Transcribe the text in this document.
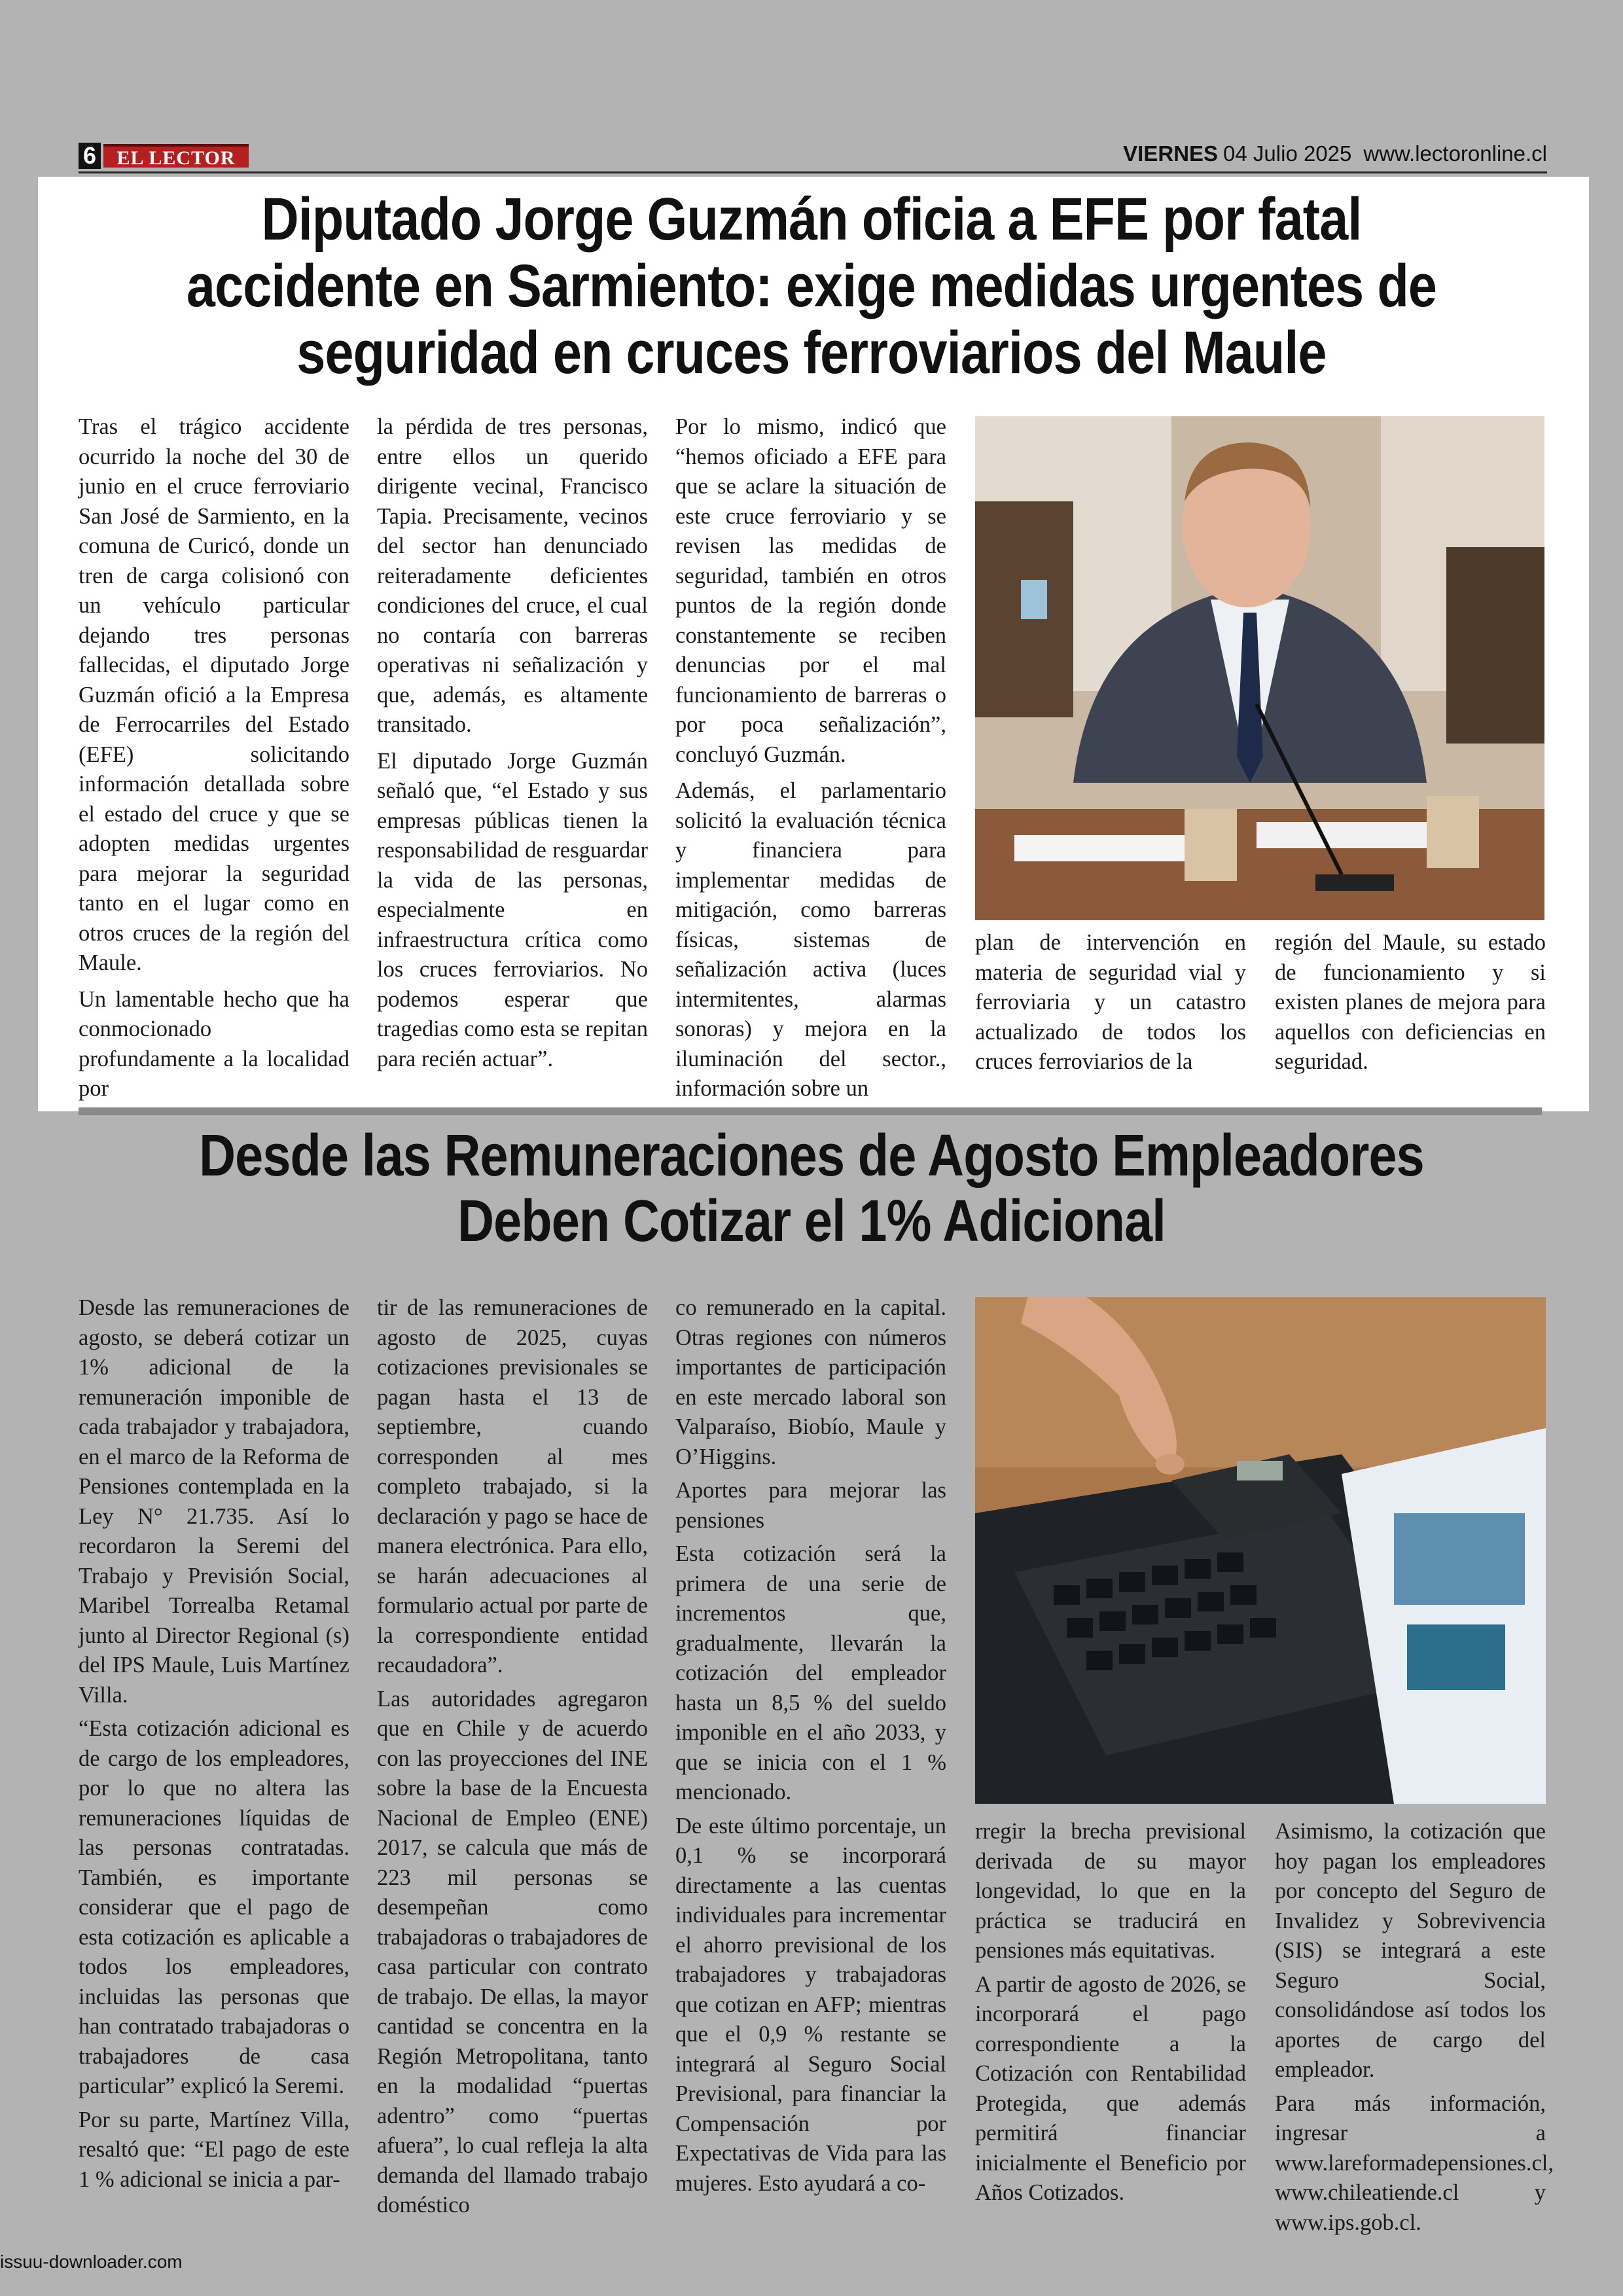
6	EL LECTOR	VIERNES 04 Julio 2025 www.lectoronline.cl
Diputado Jorge Guzmán oficia a EFE por fatal accidente en Sarmiento: exige medidas urgentes de seguridad en cruces ferroviarios del Maule

Tras el trágico accidente ocurrido la noche del 30 de junio en el cruce ferroviario San José de Sarmiento, en la comuna de Curicó, donde un tren de carga colisionó con un vehículo particular dejando tres personas fallecidas, el diputado Jorge Guzmán ofició a la Empresa de Ferrocarriles del Estado (EFE) solicitando información detallada sobre el estado del cruce y que se adopten medidas urgentes para mejorar la seguridad tanto en el lugar como en otros cruces de la región del Maule.

Un lamentable hecho que ha conmocionado profundamente a la localidad por

la pérdida de tres personas, entre ellos un querido dirigente vecinal, Francisco Tapia. Precisamente, vecinos del sector han denunciado reiteradamente deficientes condiciones del cruce, el cual no contaría con barreras operativas ni señalización y que, además, es altamente transitado.

El diputado Jorge Guzmán señaló que, “el Estado y sus empresas públicas tienen la responsabilidad de resguardar la vida de las personas, especialmente en infraestructura crítica como los cruces ferroviarios. No podemos esperar que tragedias como esta se repitan para recién actuar”.

Por lo mismo, indicó que “hemos oficiado a EFE para que se aclare la situación de este cruce ferroviario y se revisen las medidas de seguridad, también en otros puntos de la región donde constantemente se reciben denuncias por el mal funcionamiento de barreras o por poca señalización”, concluyó Guzmán.

Además, el parlamentario solicitó la evaluación técnica y financiera para implementar medidas de mitigación, como barreras físicas, sistemas de señalización activa (luces intermitentes, alarmas sonoras) y mejora en la iluminación del sector., información sobre un

plan de intervención en materia de seguridad vial y ferroviaria y un catastro actualizado de todos los cruces ferroviarios de la

región del Maule, su estado de funcionamiento y si existen planes de mejora para aquellos con deficiencias en seguridad.

Desde las Remuneraciones de Agosto Empleadores Deben Cotizar el 1% Adicional

Desde las remuneraciones de agosto, se deberá cotizar un 1% adicional de la remuneración imponible de cada trabajador y trabajadora, en el marco de la Reforma de Pensiones contemplada en la Ley N° 21.735. Así lo recordaron la Seremi del Trabajo y Previsión Social, Maribel Torrealba Retamal junto al Director Regional (s) del IPS Maule, Luis Martínez Villa.

“Esta cotización adicional es de cargo de los empleadores, por lo que no altera las remuneraciones líquidas de las personas contratadas. También, es importante considerar que el pago de esta cotización es aplicable a todos los empleadores, incluidas las personas que han contratado trabajadoras o trabajadores de casa particular” explicó la Seremi.

Por su parte, Martínez Villa, resaltó que: “El pago de este 1 % adicional se inicia a par-

tir de las remuneraciones de agosto de 2025, cuyas cotizaciones previsionales se pagan hasta el 13 de septiembre, cuando corresponden al mes completo trabajado, si la declaración y pago se hace de manera electrónica. Para ello, se harán adecuaciones al formulario actual por parte de la correspondiente entidad recaudadora”.

Las autoridades agregaron que en Chile y de acuerdo con las proyecciones del INE sobre la base de la Encuesta Nacional de Empleo (ENE) 2017, se calcula que más de 223 mil personas se desempeñan como trabajadoras o trabajadores de casa particular con contrato de trabajo. De ellas, la mayor cantidad se concentra en la Región Metropolitana, tanto en la modalidad “puertas adentro” como “puertas afuera”, lo cual refleja la alta demanda del llamado trabajo doméstico

co remunerado en la capital. Otras regiones con números importantes de participación en este mercado laboral son Valparaíso, Biobío, Maule y O’Higgins.

Aportes para mejorar las pensiones

Esta cotización será la primera de una serie de incrementos que, gradualmente, llevarán la cotización del empleador hasta un 8,5 % del sueldo imponible en el año 2033, y que se inicia con el 1 % mencionado.

De este último porcentaje, un 0,1 % se incorporará directamente a las cuentas individuales para incrementar el ahorro previsional de los trabajadores y trabajadoras que cotizan en AFP; mientras que el 0,9 % restante se integrará al Seguro Social Previsional, para financiar la Compensación por Expectativas de Vida para las mujeres. Esto ayudará a co-

rregir la brecha previsional derivada de su mayor longevidad, lo que en la práctica se traducirá en pensiones más equitativas.

A partir de agosto de 2026, se incorporará el pago correspondiente a la Cotización con Rentabilidad Protegida, que además permitirá financiar inicialmente el Beneficio por Años Cotizados.

Asimismo, la cotización que hoy pagan los empleadores por concepto del Seguro de Invalidez y Sobrevivencia (SIS) se integrará a este Seguro Social, consolidándose así todos los aportes de cargo del empleador.

Para más información, ingresar a www.lareformadepensiones.cl, www.chileatiende.cl y www.ips.gob.cl.

issuu-downloader.com
